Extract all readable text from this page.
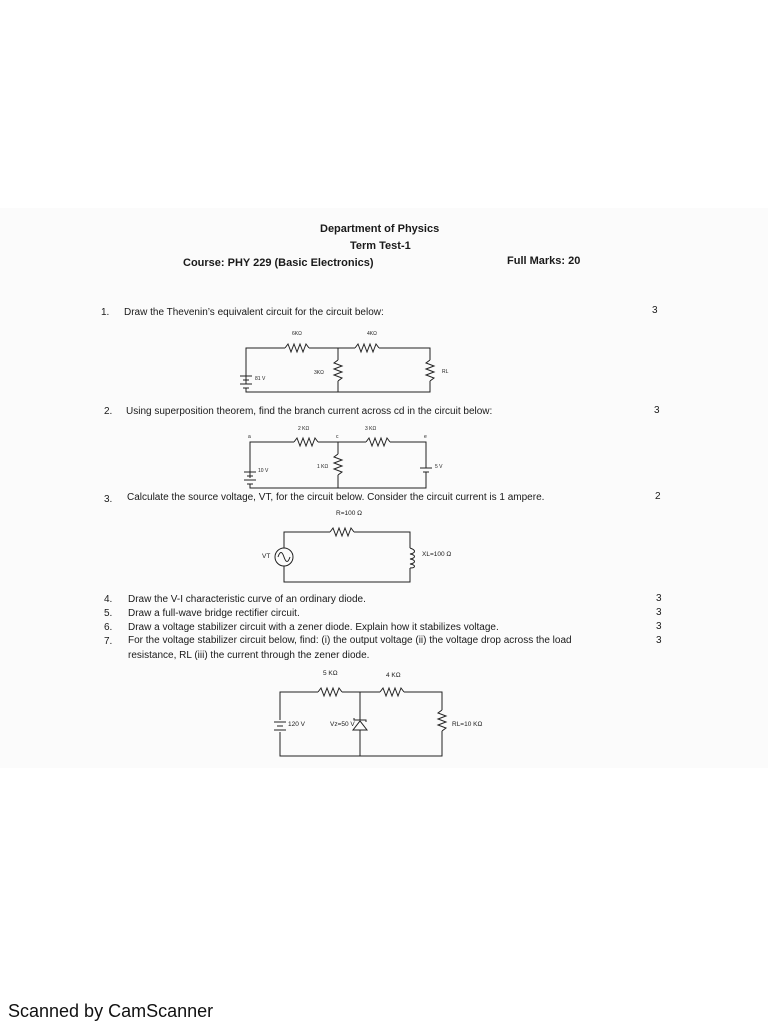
Department of Physics
Term Test-1
Course: PHY 229 (Basic Electronics)	Full Marks: 20
1. Draw the Thevenin’s equivalent circuit for the circuit below:	3
6KΩ	4KΩ
3KΩ	RL
81 V
2. Using superposition theorem, find the branch current across cd in the circuit below:	3
a
2 KΩ
c
3 KΩ
e
1 KΩ
10 V
5 V
3. Calculate the source voltage, VT, for the circuit below. Consider the circuit current is 1 ampere.	2
R=100 Ω
VT	XL=100 Ω
4. Draw the V-I characteristic curve of an ordinary diode.	3
5. Draw a full-wave bridge rectifier circuit.	3
6. Draw a voltage stabilizer circuit with a zener diode. Explain how it stabilizes voltage.	3
7. For the voltage stabilizer circuit below, find: (i) the output voltage (ii) the voltage drop across the load
resistance, RL (iii) the current through the zener diode.
3
5 KΩ	4 KΩ
120 V	Vz=50 V	RL=10 KΩ
Scanned by CamScanner
